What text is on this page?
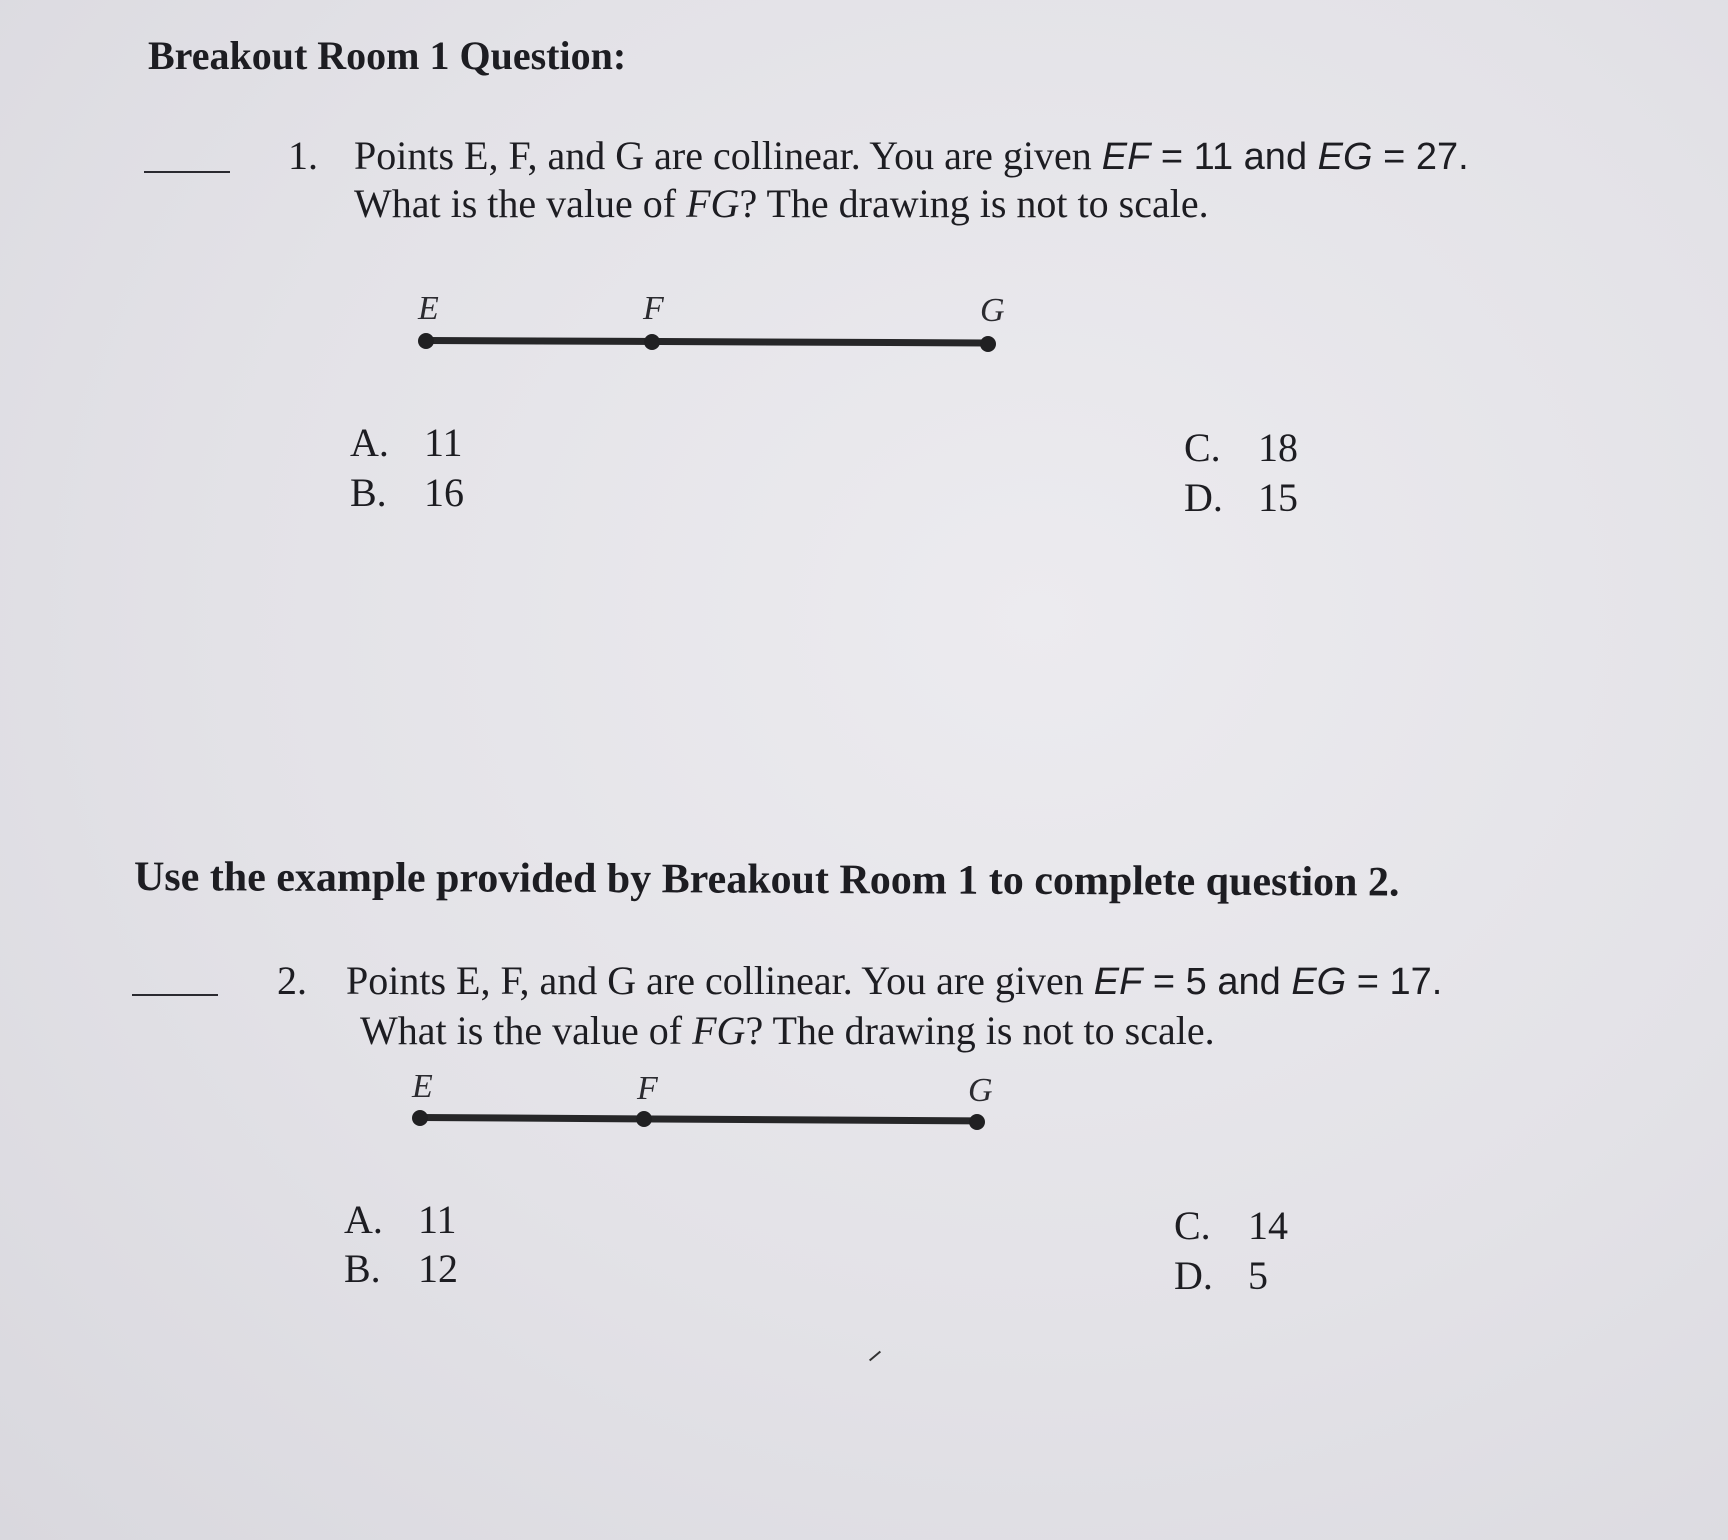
Breakout Room 1 Question:
1. Points E, F, and G are collinear. You are given EF = 11 and EG = 27.
What is the value of FG? The drawing is not to scale.
E	F	G
A. 11
B. 16
C. 18
D. 15
Use the example provided by Breakout Room 1 to complete question 2.
2. Points E, F, and G are collinear. You are given EF = 5 and EG = 17.
What is the value of FG? The drawing is not to scale.
E	F	G
A. 11
B. 12
C. 14
D. 5
